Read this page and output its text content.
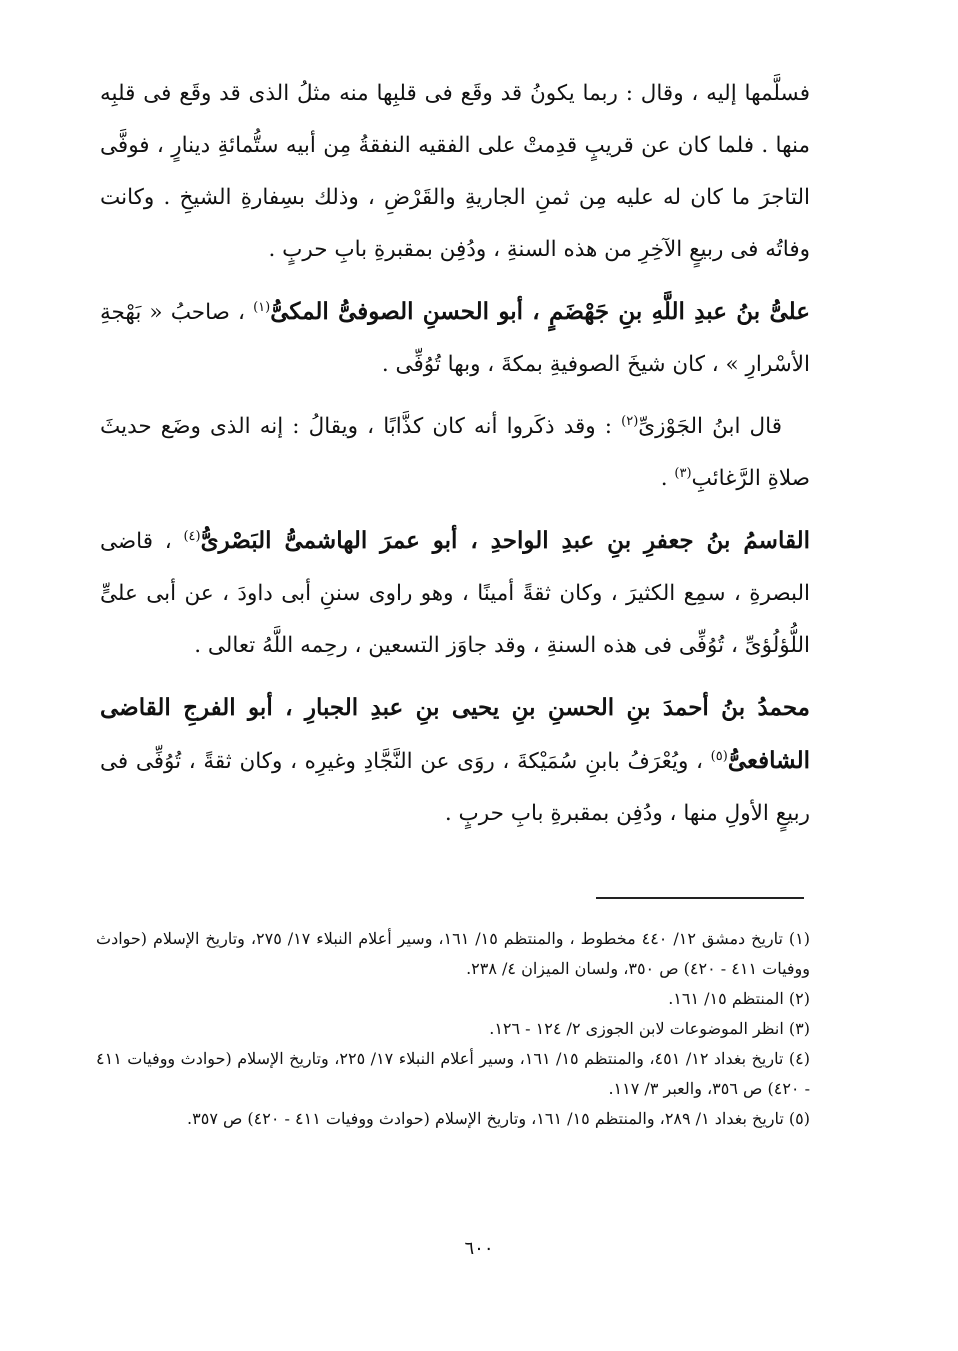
فسلَّمها إليه ، وقال : ربما يكونُ قد وقَع فى قلبِها منه مثلُ الذى قد وقَع فى قلبِه منها . فلما كان عن قريبٍ قدِمتْ على الفقيه النفقةُ مِن أبيه ستُّمائةِ دينارٍ ، فوفَّى التاجرَ ما كان له عليه مِن ثمنِ الجاريةِ والقَرْضِ ، وذلك بسِفارةِ الشيخِ . وكانت وفاتُه فى ربيعٍ الآخِرِ من هذه السنةِ ، ودُفِن بمقبرةِ بابِ حربٍ .

علىُّ بنُ عبدِ اللَّهِ بنِ جَهْضَمٍ ، أبو الحسنِ الصوفىُّ المكىُّ$^{(١)}$ ، صاحبُ « بَهْجةِ الأسْرارِ » ، كان شيخَ الصوفيةِ بمكةَ ، وبها تُوُفِّى .

قال ابنُ الجَوْزىِّ$^{(٢)}$ : وقد ذكَروا أنه كان كذَّابًا ، ويقالُ : إنه الذى وضَع حديثَ صلاةِ الرَّغائبِ$^{(٣)}$ .

القاسمُ بنُ جعفرِ بنِ عبدِ الواحدِ ، أبو عمرَ الهاشمىُّ البَصْرىُّ$^{(٤)}$ ، قاضى البصرةِ ، سمِع الكثيرَ ، وكان ثقةً أمينًا ، وهو راوى سننِ أبى داودَ ، عن أبى علىٍّ اللُّؤلُؤىِّ ، تُوُفِّى فى هذه السنةِ ، وقد جاوَز التسعين ، رحِمه اللَّهُ تعالى .

محمدُ بنُ أحمدَ بنِ الحسنِ بنِ يحيى بنِ عبدِ الجبارِ ، أبو الفرجِ القاضى الشافعىُّ$^{(٥)}$ ، ويُعْرَفُ بابنِ سُمَيْكةَ ، روَى عن النَّجَّادِ وغيرِه ، وكان ثقةً ، تُوُفِّى فى ربيعٍ الأولِ منها ، ودُفِن بمقبرةِ بابِ حربٍ .

(١) تاريخ دمشق ١٢/ ٤٤٠ مخطوط ، والمنتظم ١٥/ ١٦١، وسير أعلام النبلاء ١٧/ ٢٧٥، وتاريخ الإسلام (حوادث ووفيات ٤١١ - ٤٢٠) ص ٣٥٠، ولسان الميزان ٤/ ٢٣٨.

(٢) المنتظم ١٥/ ١٦١.

(٣) انظر الموضوعات لابن الجوزى ٢/ ١٢٤ - ١٢٦.

(٤) تاريخ بغداد ١٢/ ٤٥١، والمنتظم ١٥/ ١٦١، وسير أعلام النبلاء ١٧/ ٢٢٥، وتاريخ الإسلام (حوادث ووفيات ٤١١ - ٤٢٠) ص ٣٥٦، والعبر ٣/ ١١٧.

(٥) تاريخ بغداد ١/ ٢٨٩، والمنتظم ١٥/ ١٦١، وتاريخ الإسلام (حوادث ووفيات ٤١١ - ٤٢٠) ص ٣٥٧.

٦٠٠
